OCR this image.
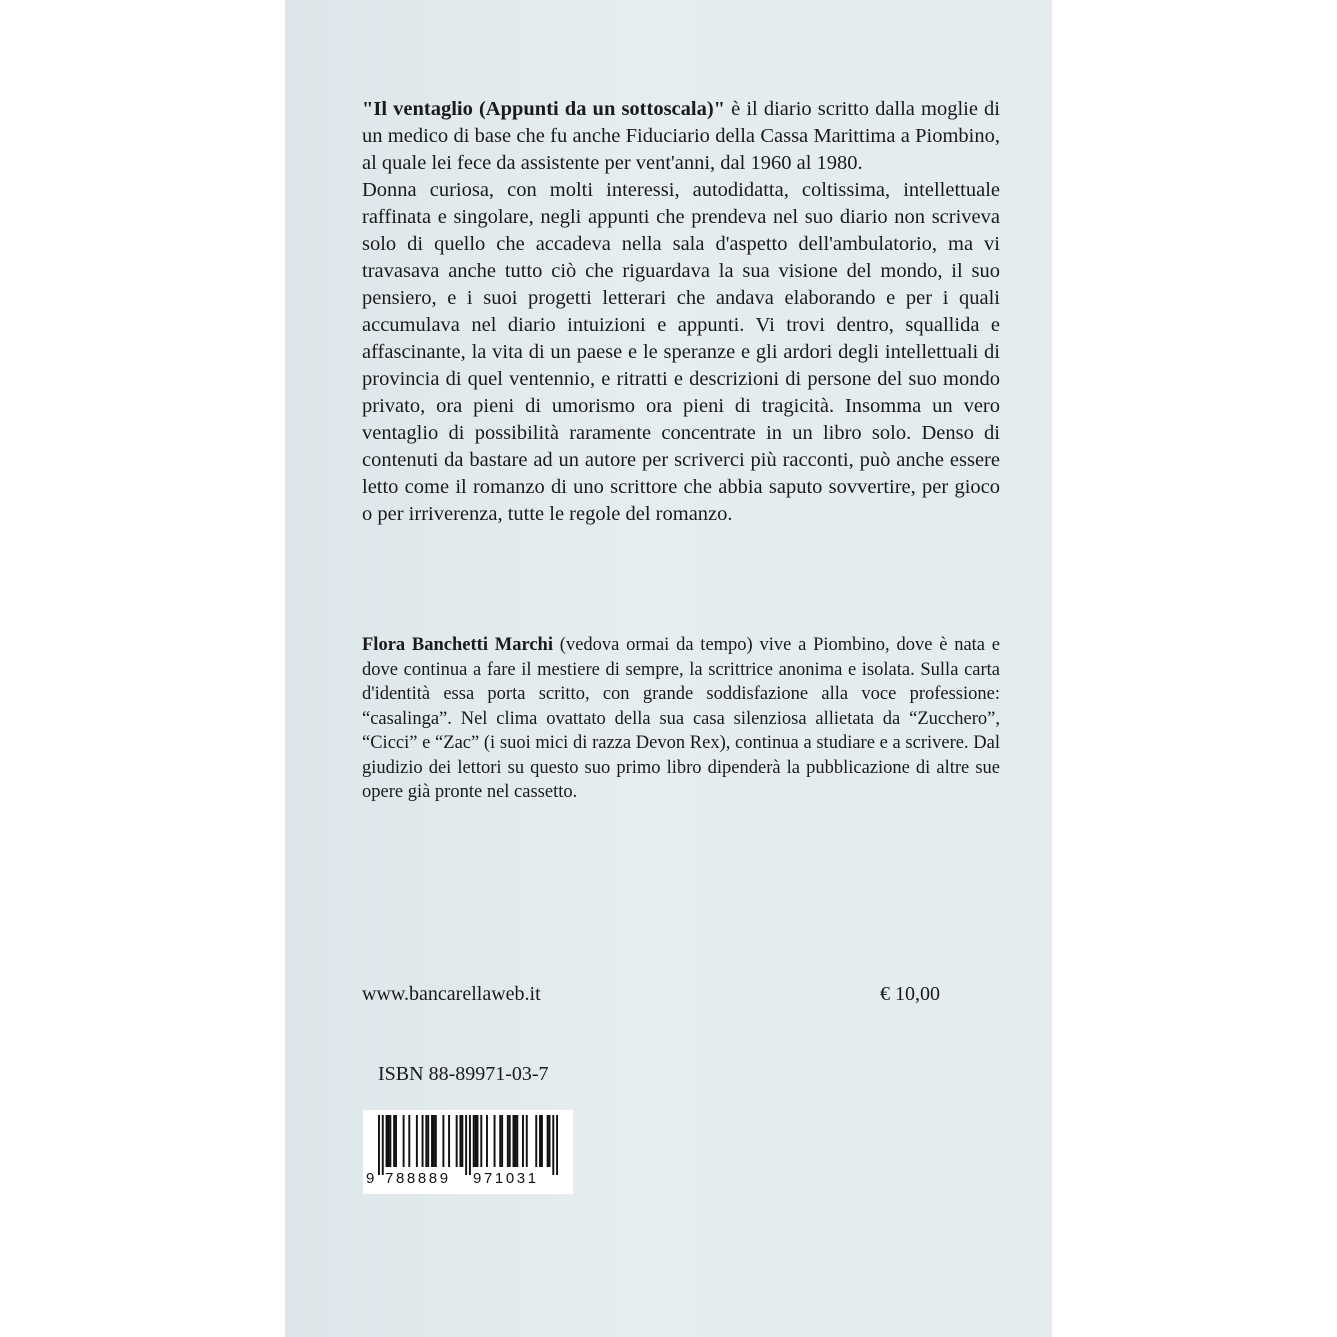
"Il ventaglio (Appunti da un sottoscala)" è il diario scritto dalla moglie di un medico di base che fu anche Fiduciario della Cassa Marittima a Piombino, al quale lei fece da assistente per vent'anni, dal 1960 al 1980.

Donna curiosa, con molti interessi, autodidatta, coltissima, intellettuale raffinata e singolare, negli appunti che prendeva nel suo diario non scriveva solo di quello che accadeva nella sala d'aspetto dell'ambulatorio, ma vi travasava anche tutto ciò che riguardava la sua visione del mondo, il suo pensiero, e i suoi progetti letterari che andava elaborando e per i quali accumulava nel diario intuizioni e appunti. Vi trovi dentro, squallida e affascinante, la vita di un paese e le speranze e gli ardori degli intellettuali di provincia di quel ventennio, e ritratti e descrizioni di persone del suo mondo privato, ora pieni di umorismo ora pieni di tragicità. Insomma un vero ventaglio di possibilità raramente concentrate in un libro solo. Denso di contenuti da bastare ad un autore per scriverci più racconti, può anche essere letto come il romanzo di uno scrittore che abbia saputo sovvertire, per gioco o per irriverenza, tutte le regole del romanzo.

Flora Banchetti Marchi (vedova ormai da tempo) vive a Piombino, dove è nata e dove continua a fare il mestiere di sempre, la scrittrice anonima e isolata. Sulla carta d'identità essa porta scritto, con grande soddisfazione alla voce professione: “casalinga”. Nel clima ovattato della sua casa silenziosa allietata da “Zucchero”, “Cicci” e “Zac” (i suoi mici di razza Devon Rex), continua a studiare e a scrivere. Dal giudizio dei lettori su questo suo primo libro dipenderà la pubblicazione di altre sue opere già pronte nel cassetto.

www.bancarellaweb.it	€ 10,00
ISBN 88-89971-03-7
9 788889 971031
